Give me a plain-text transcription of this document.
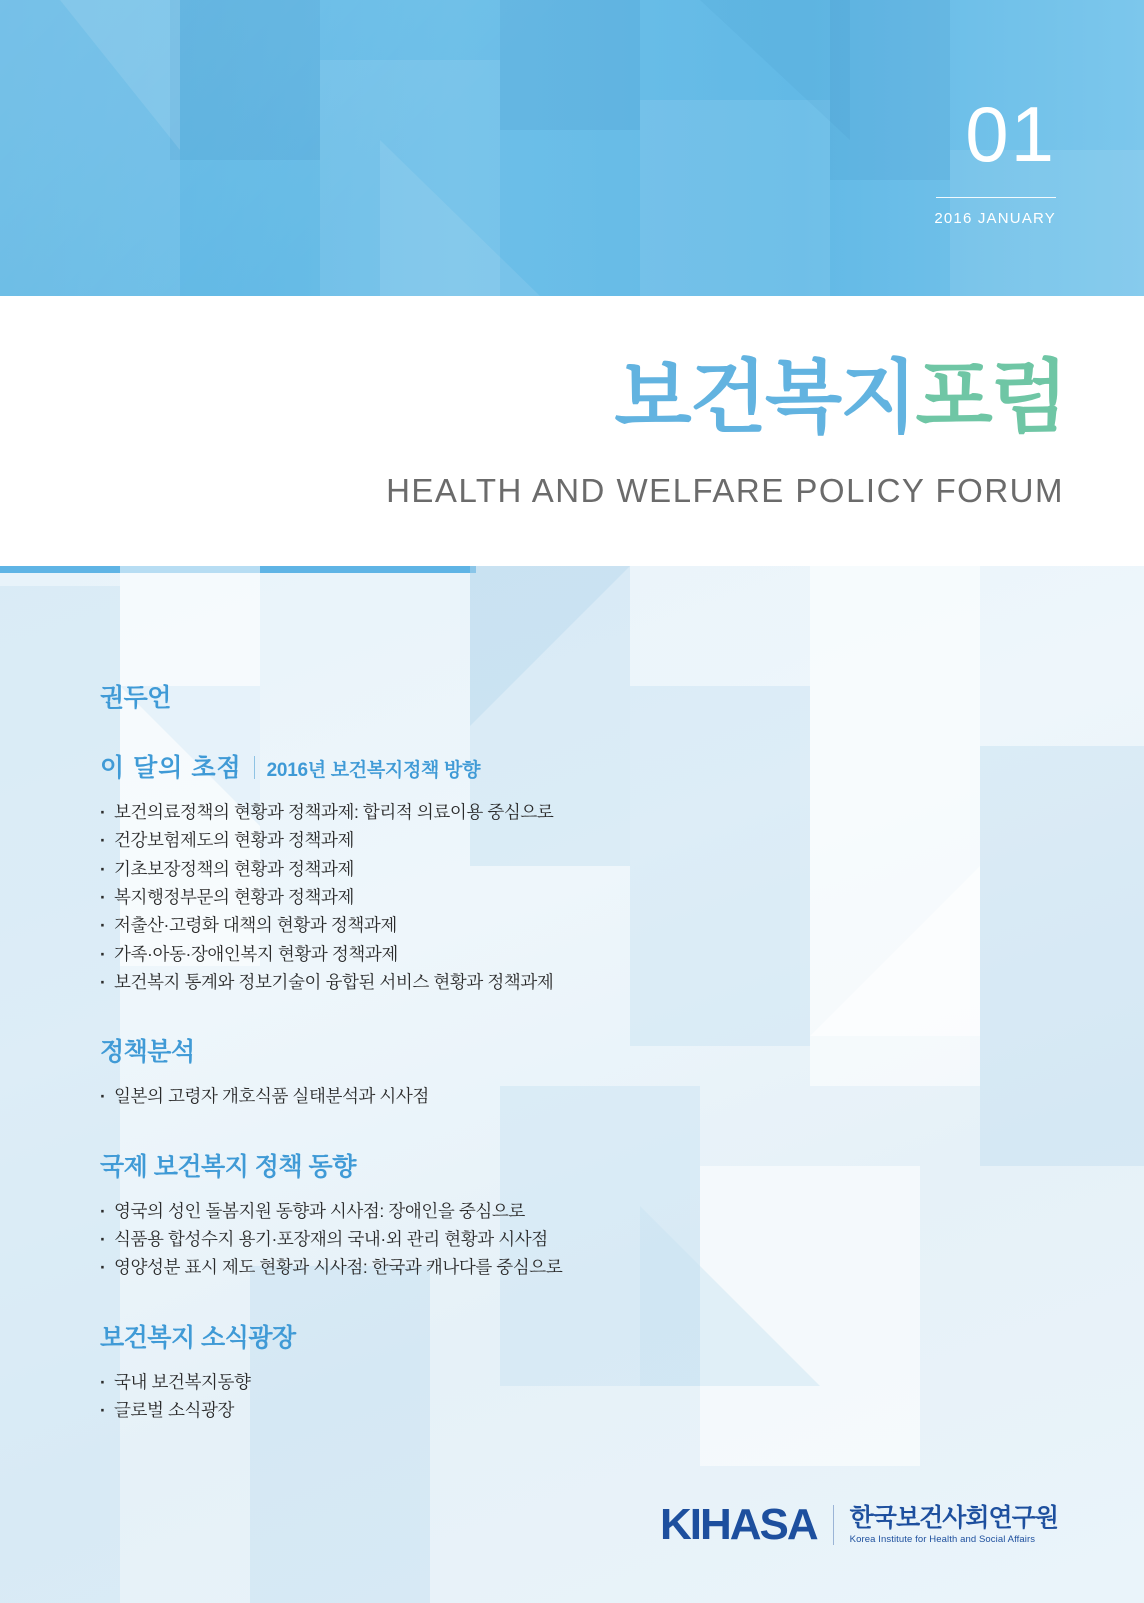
01
2016 JANUARY
보건복지포럼
HEALTH AND WELFARE POLICY FORUM
권두언
이 달의 초점 2016년 보건복지정책 방향
· 보건의료정책의 현황과 정책과제: 합리적 의료이용 중심으로
· 건강보험제도의 현황과 정책과제
· 기초보장정책의 현황과 정책과제
· 복지행정부문의 현황과 정책과제
· 저출산·고령화 대책의 현황과 정책과제
· 가족·아동·장애인복지 현황과 정책과제
· 보건복지 통계와 정보기술이 융합된 서비스 현황과 정책과제
정책분석
· 일본의 고령자 개호식품 실태분석과 시사점
국제 보건복지 정책 동향
· 영국의 성인 돌봄지원 동향과 시사점: 장애인을 중심으로
· 식품용 합성수지 용기·포장재의 국내·외 관리 현황과 시사점
· 영양성분 표시 제도 현황과 시사점: 한국과 캐나다를 중심으로
보건복지 소식광장
· 국내 보건복지동향
· 글로벌 소식광장
KIHASA 한국보건사회연구원
Korea Institute for Health and Social Affairs
